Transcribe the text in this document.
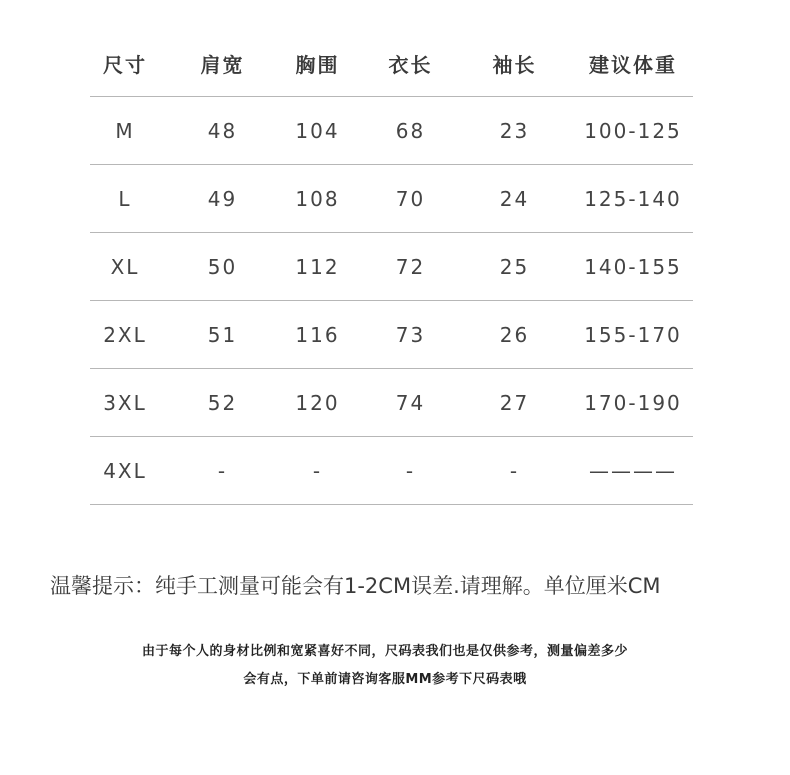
尺寸	肩宽	胸围	衣长	袖长	建议体重
M	48	104	68	23	100-125
L	49	108	70	24	125-140
XL	50	112	72	25	140-155
2XL	51	116	73	26	155-170
3XL	52	120	74	27	170-190
4XL	-	-	-	-	————
温馨提示：纯手工测量可能会有1-2CM误差.请理解。单位厘米CM
由于每个人的身材比例和宽紧喜好不同，尺码表我们也是仅供参考，测量偏差多少
会有点，下单前请咨询客服MM参考下尺码表哦
